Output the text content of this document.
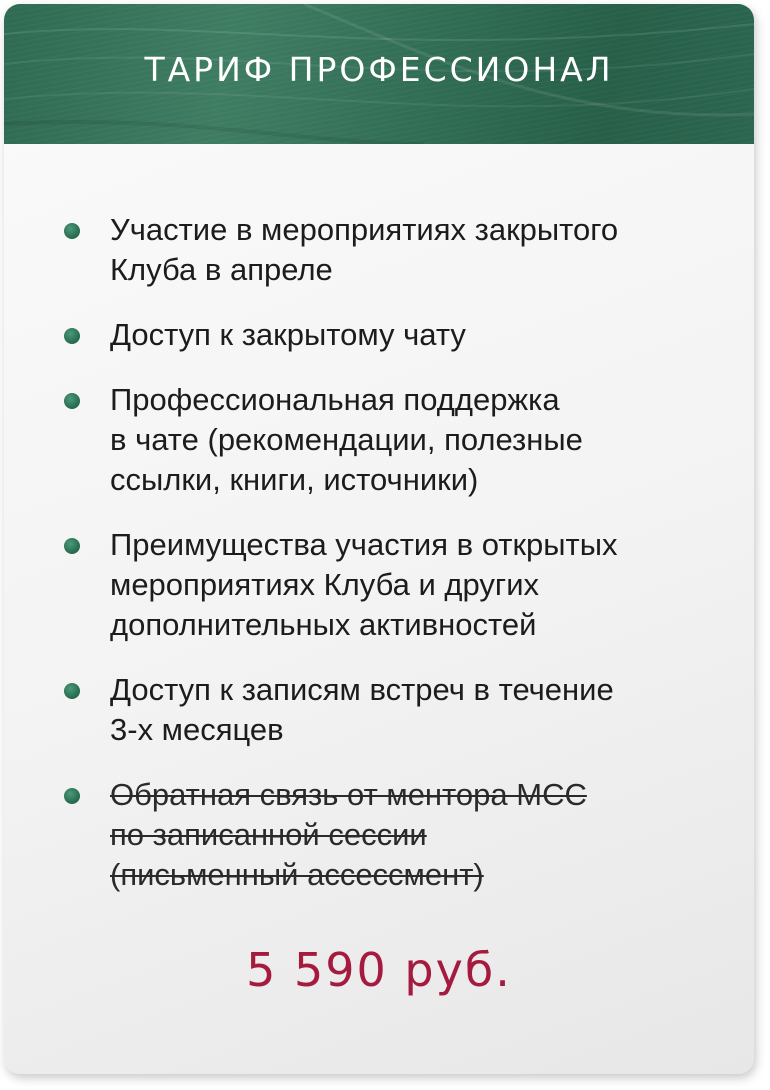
ТАРИФ ПРОФЕССИОНАЛ
Участие в мероприятиях закрытого
Клуба в апреле
Доступ к закрытому чату
Профессиональная поддержка
в чате (рекомендации, полезные
ссылки, книги, источники)
Преимущества участия в открытых
мероприятиях Клуба и других
дополнительных активностей
Доступ к записям встреч в течение
3-х месяцев
Обратная связь от ментора МСС
по записанной сессии
(письменный ассессмент)
5 590 руб.
